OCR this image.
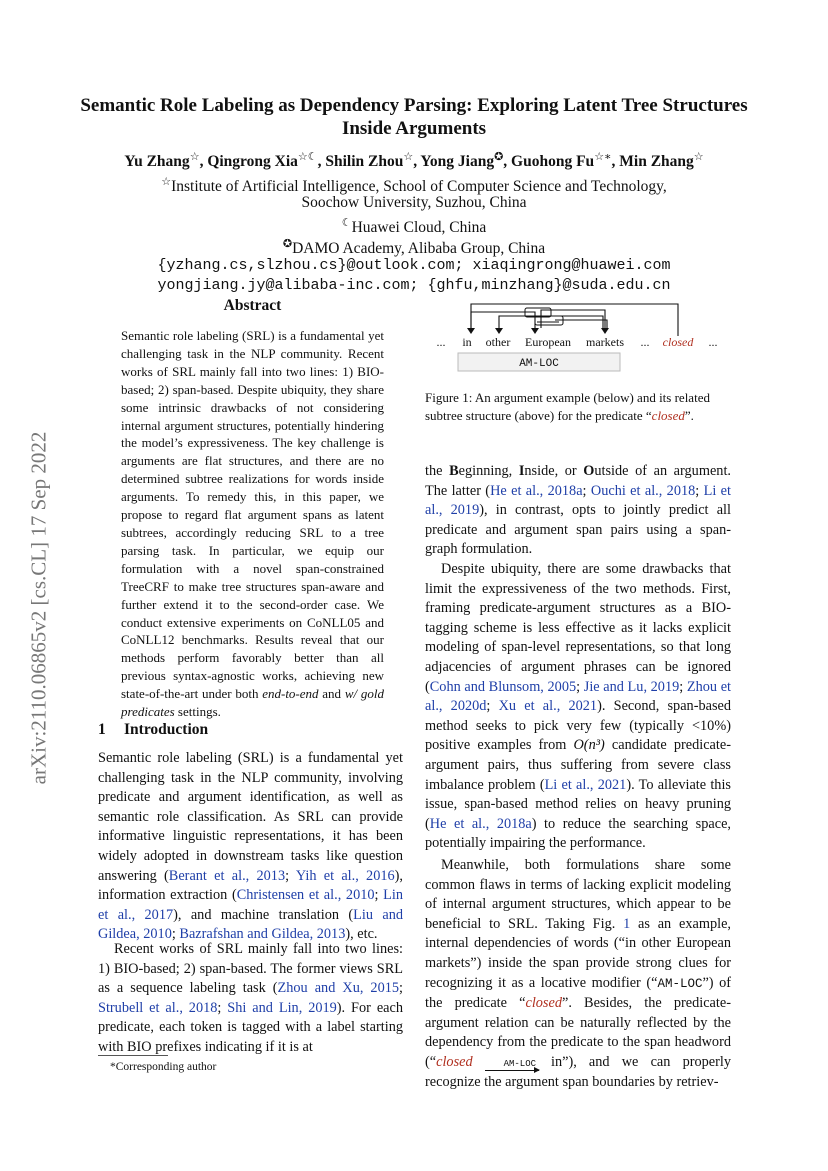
arXiv:2110.06865v2 [cs.CL] 17 Sep 2022
Semantic Role Labeling as Dependency Parsing: Exploring Latent Tree Structures Inside Arguments
Yu Zhang☆, Qingrong Xia☆☾, Shilin Zhou☆, Yong Jiang✪, Guohong Fu☆∗, Min Zhang☆
☆Institute of Artificial Intelligence, School of Computer Science and Technology,
Soochow University, Suzhou, China
☾Huawei Cloud, China
✪DAMO Academy, Alibaba Group, China
{yzhang.cs,slzhou.cs}@outlook.com; xiaqingrong@huawei.com
yongjiang.jy@alibaba-inc.com; {ghfu,minzhang}@suda.edu.cn
Abstract
Semantic role labeling (SRL) is a fundamental yet challenging task in the NLP community. Recent works of SRL mainly fall into two lines: 1) BIO-based; 2) span-based. Despite ubiquity, they share some intrinsic drawbacks of not considering internal argument structures, potentially hindering the model’s expressiveness. The key challenge is arguments are flat structures, and there are no determined subtree realizations for words inside arguments. To remedy this, in this paper, we propose to regard flat argument spans as latent subtrees, accordingly reducing SRL to a tree parsing task. In particular, we equip our formulation with a novel span-constrained TreeCRF to make tree structures span-aware and further extend it to the second-order case. We conduct extensive experiments on CoNLL05 and CoNLL12 benchmarks. Results reveal that our methods perform favorably better than all previous syntax-agnostic works, achieving new state-of-the-art under both end-to-end and w/ gold predicates settings.
... in other European markets ... closed ...
AM-LOC
Figure 1: An argument example (below) and its related subtree structure (above) for the predicate “closed”.
1 Introduction
Semantic role labeling (SRL) is a fundamental yet challenging task in the NLP community, involving predicate and argument identification, as well as semantic role classification. As SRL can provide informative linguistic representations, it has been widely adopted in downstream tasks like question answering (Berant et al., 2013; Yih et al., 2016), information extraction (Christensen et al., 2010; Lin et al., 2017), and machine translation (Liu and Gildea, 2010; Bazrafshan and Gildea, 2013), etc.
Recent works of SRL mainly fall into two lines: 1) BIO-based; 2) span-based. The former views SRL as a sequence labeling task (Zhou and Xu, 2015; Strubell et al., 2018; Shi and Lin, 2019). For each predicate, each token is tagged with a label starting with BIO prefixes indicating if it is at
*Corresponding author
the Beginning, Inside, or Outside of an argument. The latter (He et al., 2018a; Ouchi et al., 2018; Li et al., 2019), in contrast, opts to jointly predict all predicate and argument span pairs using a span-graph formulation.
Despite ubiquity, there are some drawbacks that limit the expressiveness of the two methods. First, framing predicate-argument structures as a BIO-tagging scheme is less effective as it lacks explicit modeling of span-level representations, so that long adjacencies of argument phrases can be ignored (Cohn and Blunsom, 2005; Jie and Lu, 2019; Zhou et al., 2020d; Xu et al., 2021). Second, span-based method seeks to pick very few (typically <10%) positive examples from O(n³) candidate predicate-argument pairs, thus suffering from severe class imbalance problem (Li et al., 2021). To alleviate this issue, span-based method relies on heavy pruning (He et al., 2018a) to reduce the searching space, potentially impairing the performance.
Meanwhile, both formulations share some common flaws in terms of lacking explicit modeling of internal argument structures, which appear to be beneficial to SRL. Taking Fig. 1 as an example, internal dependencies of words (“in other European markets”) inside the span provide strong clues for recognizing it as a locative modifier (“AM-LOC”) of the predicate “closed”. Besides, the predicate-argument relation can be naturally reflected by the dependency from the predicate to the span headword (“closed	AM-LOC in”), and we can properly recognize the argument span boundaries by retriev-
